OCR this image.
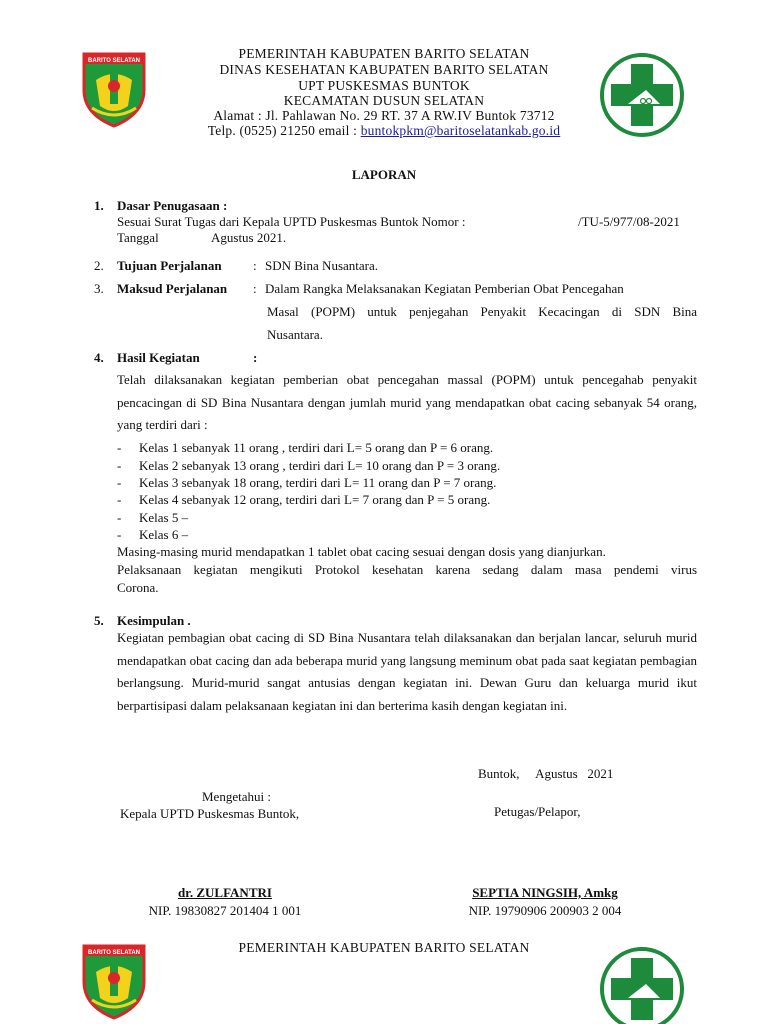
BARITO SELATAN	PEMERINTAH KABUPATEN BARITO SELATAN
DINAS KESEHATAN KABUPATEN BARITO SELATAN
UPT PUSKESMAS BUNTOK
KECAMATAN DUSUN SELATAN
Alamat : Jl. Pahlawan No. 29 RT. 37 A RW.IV Buntok 73712
Telp. (0525) 21250 email : buntokpkm@baritoselatankab.go.id
LAPORAN
1. Dasar Penugasaan :
Sesuai Surat Tugas dari Kepala UPTD Puskesmas Buntok Nomor :	/TU-5/977/08-2021
Tanggal	Agustus 2021.
2. Tujuan Perjalanan : SDN Bina Nusantara.
3. Maksud Perjalanan : Dalam Rangka Melaksanakan Kegiatan Pemberian Obat Pencegahan
Masal (POPM) untuk penjegahan Penyakit Kecacingan di SDN Bina
Nusantara.
4. Hasil Kegiatan	:
Telah dilaksanakan kegiatan pemberian obat pencegahan massal (POPM) untuk pencegahab penyakit pencacingan di SD Bina Nusantara dengan jumlah murid yang mendapatkan obat cacing sebanyak 54 orang, yang terdiri dari :
- Kelas 1 sebanyak 11 orang , terdiri dari L= 5 orang dan P = 6 orang.
- Kelas 2 sebanyak 13 orang , terdiri dari L= 10 orang dan P = 3 orang.
- Kelas 3 sebanyak 18 orang, terdiri dari L= 11 orang dan P = 7 orang.
- Kelas 4 sebanyak 12 orang, terdiri dari L= 7 orang dan P = 5 orang.
- Kelas 5 –
- Kelas 6 –
Masing-masing murid mendapatkan 1 tablet obat cacing sesuai dengan dosis yang dianjurkan.
Pelaksanaan kegiatan mengikuti Protokol kesehatan karena sedang dalam masa pendemi virus
Corona.
5. Kesimpulan .
Kegiatan pembagian obat cacing di SD Bina Nusantara telah dilaksanakan dan berjalan lancar, seluruh murid mendapatkan obat cacing dan ada beberapa murid yang langsung meminum obat pada saat kegiatan pembagian berlangsung. Murid-murid sangat antusias dengan kegiatan ini. Dewan Guru dan keluarga murid ikut berpartisipasi dalam pelaksanaan kegiatan ini dan berterima kasih dengan kegiatan ini.
Buntok,     Agustus   2021
Mengetahui :
Kepala UPTD Puskesmas Buntok,	Petugas/Pelapor,
dr. ZULFANTRI
NIP. 19830827 201404 1 001
SEPTIA NINGSIH, Amkg
NIP. 19790906 200903 2 004
BARITO SELATAN	PEMERINTAH KABUPATEN BARITO SELATAN
